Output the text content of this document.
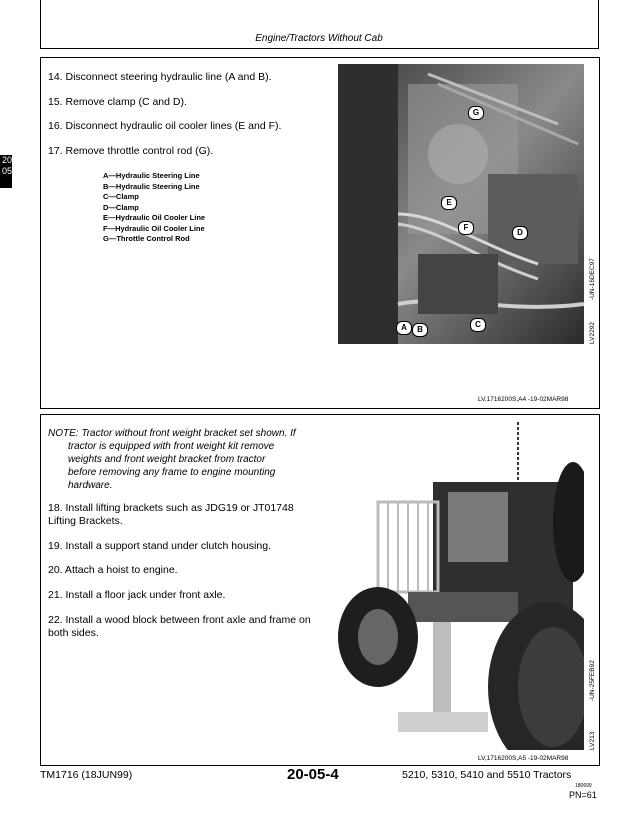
Engine/Tractors Without Cab
20
05
4
14. Disconnect steering hydraulic line (A and B).
15. Remove clamp (C and D).
16. Disconnect hydraulic oil cooler lines (E and F).
17. Remove throttle control rod (G).
A—Hydraulic Steering Line
B—Hydraulic Steering Line
C—Clamp
D—Clamp
E—Hydraulic Oil Cooler Line
F—Hydraulic Oil Cooler Line
G—Throttle Control Rod
G
E
F
D
A	B
C
-UN-16DEC97
LV2292
LV,1716200S,A4 -19-02MAR98
NOTE: Tractor without front weight bracket set shown. If
tractor is equipped with front weight kit remove
weights and front weight bracket from tractor
before removing any frame to engine mounting
hardware.
18. Install lifting brackets such as JDG19 or JT01748
Lifting Brackets.
19. Install a support stand under clutch housing.
20. Attach a hoist to engine.
21. Install a floor jack under front axle.
22. Install a wood block between front axle and frame on
both sides.
-UN-25FEB92
LV213
LV,1716200S,A5 -19-02MAR98
TM1716 (18JUN99)	20-05-4	5210, 5310, 5410 and 5510 Tractors
180699
PN=61
